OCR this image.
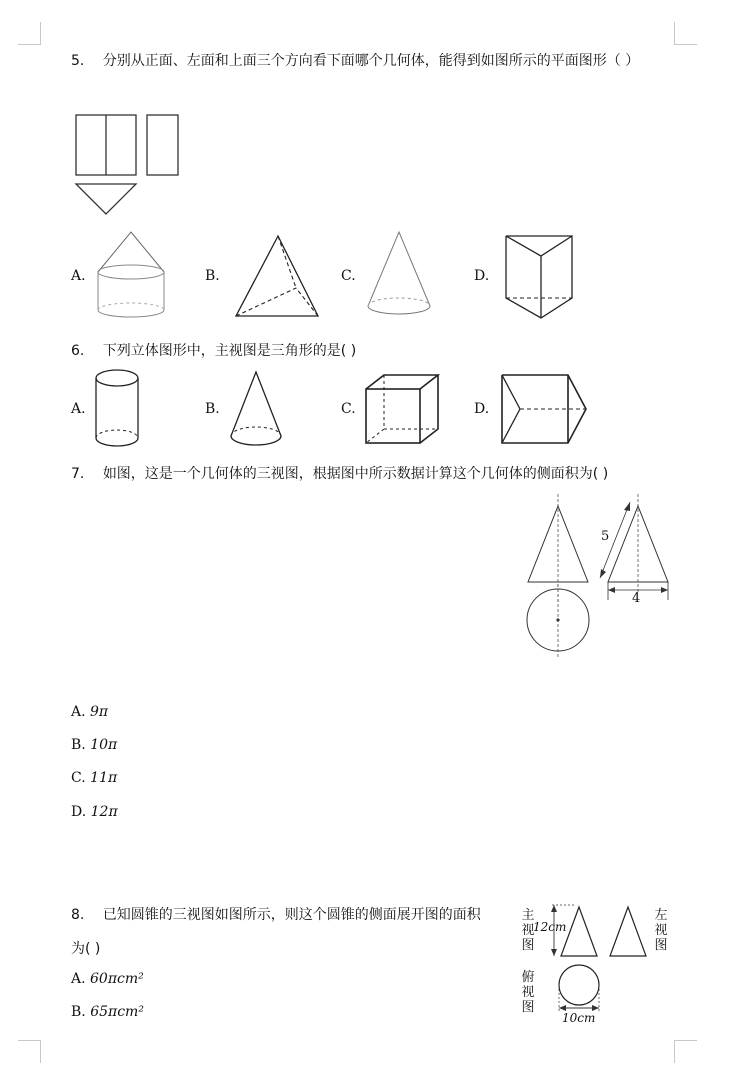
5. 分别从正面、左面和上面三个方向看下面哪个几何体，能得到如图所示的平面图形（ ）
A.	B.	C.	D.
6. 下列立体图形中，主视图是三角形的是( )
A.	B.	C.	D.
7. 如图，这是一个几何体的三视图，根据图中所示数据计算这个几何体的侧面积为( )
5
4
A. 9π
B. 10π
C. 11π
D. 12π
8. 已知圆锥的三视图如图所示，则这个圆锥的侧面展开图的面积
为( )
主视图
左视图
俯视图
12cm
10cm
A. 60πcm²
B. 65πcm²
